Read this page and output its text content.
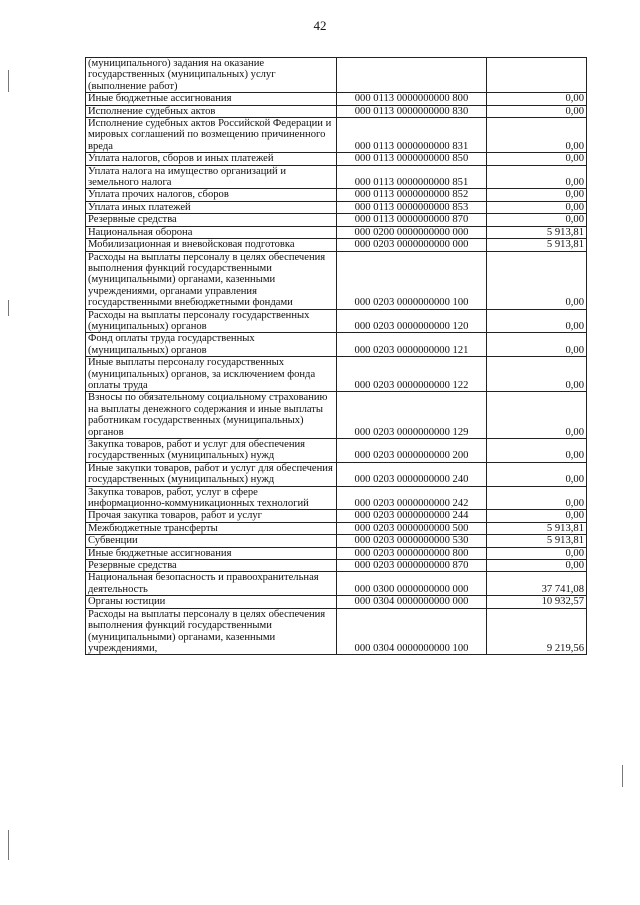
42
(муниципального) задания на оказание государственных (муниципальных) услуг (выполнение работ)		
Иные бюджетные ассигнования	000 0113 0000000000 800	0,00
Исполнение судебных актов	000 0113 0000000000 830	0,00
Исполнение судебных актов Российской Федерации и мировых соглашений по возмещению причиненного вреда	000 0113 0000000000 831	0,00
Уплата налогов, сборов и иных платежей	000 0113 0000000000 850	0,00
Уплата налога на имущество организаций и земельного налога	000 0113 0000000000 851	0,00
Уплата прочих налогов, сборов	000 0113 0000000000 852	0,00
Уплата иных платежей	000 0113 0000000000 853	0,00
Резервные средства	000 0113 0000000000 870	0,00
Национальная оборона	000 0200 0000000000 000	5 913,81
Мобилизационная и вневойсковая подготовка	000 0203 0000000000 000	5 913,81
Расходы на выплаты персоналу в целях обеспечения выполнения функций государственными (муниципальными) органами, казенными учреждениями, органами управления государственными внебюджетными фондами	000 0203 0000000000 100	0,00
Расходы на выплаты персоналу государственных (муниципальных) органов	000 0203 0000000000 120	0,00
Фонд оплаты труда государственных (муниципальных) органов	000 0203 0000000000 121	0,00
Иные выплаты персоналу государственных (муниципальных) органов, за исключением фонда оплаты труда	000 0203 0000000000 122	0,00
Взносы по обязательному социальному страхованию на выплаты денежного содержания и иные выплаты работникам государственных (муниципальных) органов	000 0203 0000000000 129	0,00
Закупка товаров, работ и услуг для обеспечения государственных (муниципальных) нужд	000 0203 0000000000 200	0,00
Иные закупки товаров, работ и услуг для обеспечения государственных (муниципальных) нужд	000 0203 0000000000 240	0,00
Закупка товаров, работ, услуг в сфере информационно-коммуникационных технологий	000 0203 0000000000 242	0,00
Прочая закупка товаров, работ и услуг	000 0203 0000000000 244	0,00
Межбюджетные трансферты	000 0203 0000000000 500	5 913,81
Субвенции	000 0203 0000000000 530	5 913,81
Иные бюджетные ассигнования	000 0203 0000000000 800	0,00
Резервные средства	000 0203 0000000000 870	0,00
Национальная безопасность и правоохранительная деятельность	000 0300 0000000000 000	37 741,08
Органы юстиции	000 0304 0000000000 000	10 932,57
Расходы на выплаты персоналу в целях обеспечения выполнения функций государственными (муниципальными) органами, казенными учреждениями,	000 0304 0000000000 100	9 219,56
